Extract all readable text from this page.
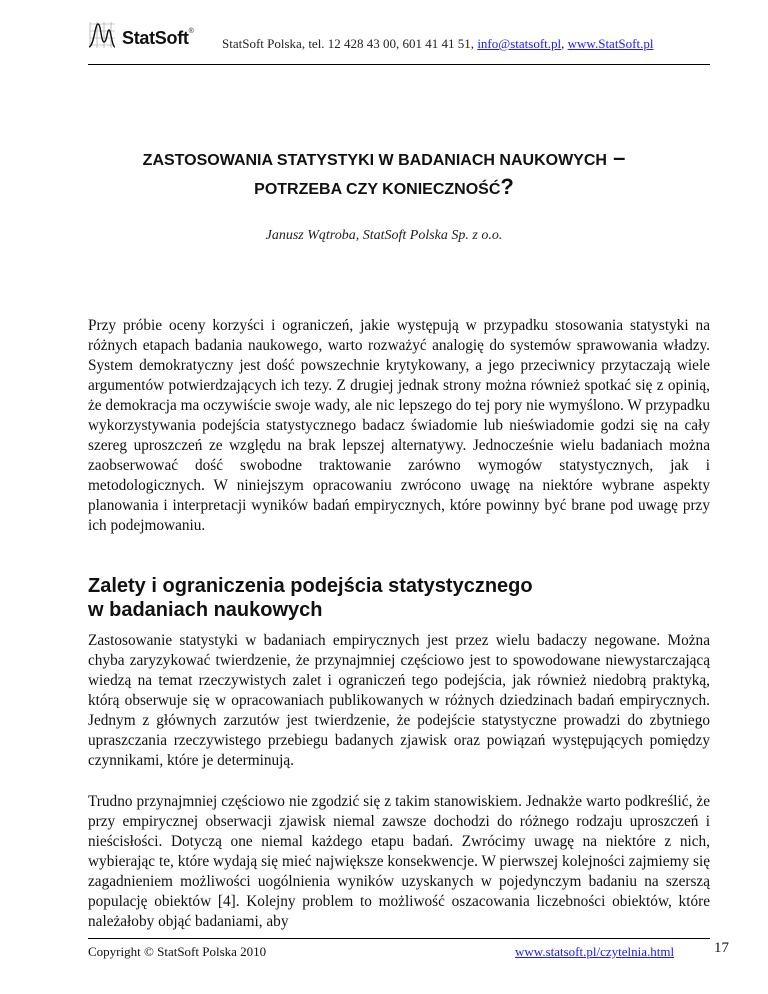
StatSoft®
StatSoft Polska, tel. 12 428 43 00, 601 41 41 51, info@statsoft.pl, www.StatSoft.pl
ZASTOSOWANIA STATYSTYKI W BADANIACH NAUKOWYCH –
POTRZEBA CZY KONIECZNOŚĆ?
Janusz Wątroba, StatSoft Polska Sp. z o.o.

Przy próbie oceny korzyści i ograniczeń, jakie występują w przypadku stosowania statystyki na różnych etapach badania naukowego, warto rozważyć analogię do systemów sprawowania władzy. System demokratyczny jest dość powszechnie krytykowany, a jego przeciwnicy przytaczają wiele argumentów potwierdzających ich tezy. Z drugiej jednak strony można również spotkać się z opinią, że demokracja ma oczywiście swoje wady, ale nic lepszego do tej pory nie wymyślono. W przypadku wykorzystywania podejścia statystycznego badacz świadomie lub nieświadomie godzi się na cały szereg uproszczeń ze względu na brak lepszej alternatywy. Jednocześnie wielu badaniach można zaobserwować dość swobodne traktowanie zarówno wymogów statystycznych, jak i metodologicznych. W niniejszym opracowaniu zwrócono uwagę na niektóre wybrane aspekty planowania i interpretacji wyników badań empirycznych, które powinny być brane pod uwagę przy ich podejmowaniu.

Zalety i ograniczenia podejścia statystycznego
w badaniach naukowych

Zastosowanie statystyki w badaniach empirycznych jest przez wielu badaczy negowane. Można chyba zaryzykować twierdzenie, że przynajmniej częściowo jest to spowodowane niewystarczającą wiedzą na temat rzeczywistych zalet i ograniczeń tego podejścia, jak również niedobrą praktyką, którą obserwuje się w opracowaniach publikowanych w różnych dziedzinach badań empirycznych. Jednym z głównych zarzutów jest twierdzenie, że podejście statystyczne prowadzi do zbytniego upraszczania rzeczywistego przebiegu badanych zjawisk oraz powiązań występujących pomiędzy czynnikami, które je determinują.

Trudno przynajmniej częściowo nie zgodzić się z takim stanowiskiem. Jednakże warto podkreślić, że przy empirycznej obserwacji zjawisk niemal zawsze dochodzi do różnego rodzaju uproszczeń i nieścisłości. Dotyczą one niemal każdego etapu badań. Zwrócimy uwagę na niektóre z nich, wybierając te, które wydają się mieć największe konsekwencje. W pierwszej kolejności zajmiemy się zagadnieniem możliwości uogólnienia wyników uzyskanych w pojedynczym badaniu na szerszą populację obiektów [4]. Kolejny problem to możliwość oszacowania liczebności obiektów, które należałoby objąć badaniami, aby

Copyright © StatSoft Polska 2010	www.statsoft.pl/czytelnia.html	17
